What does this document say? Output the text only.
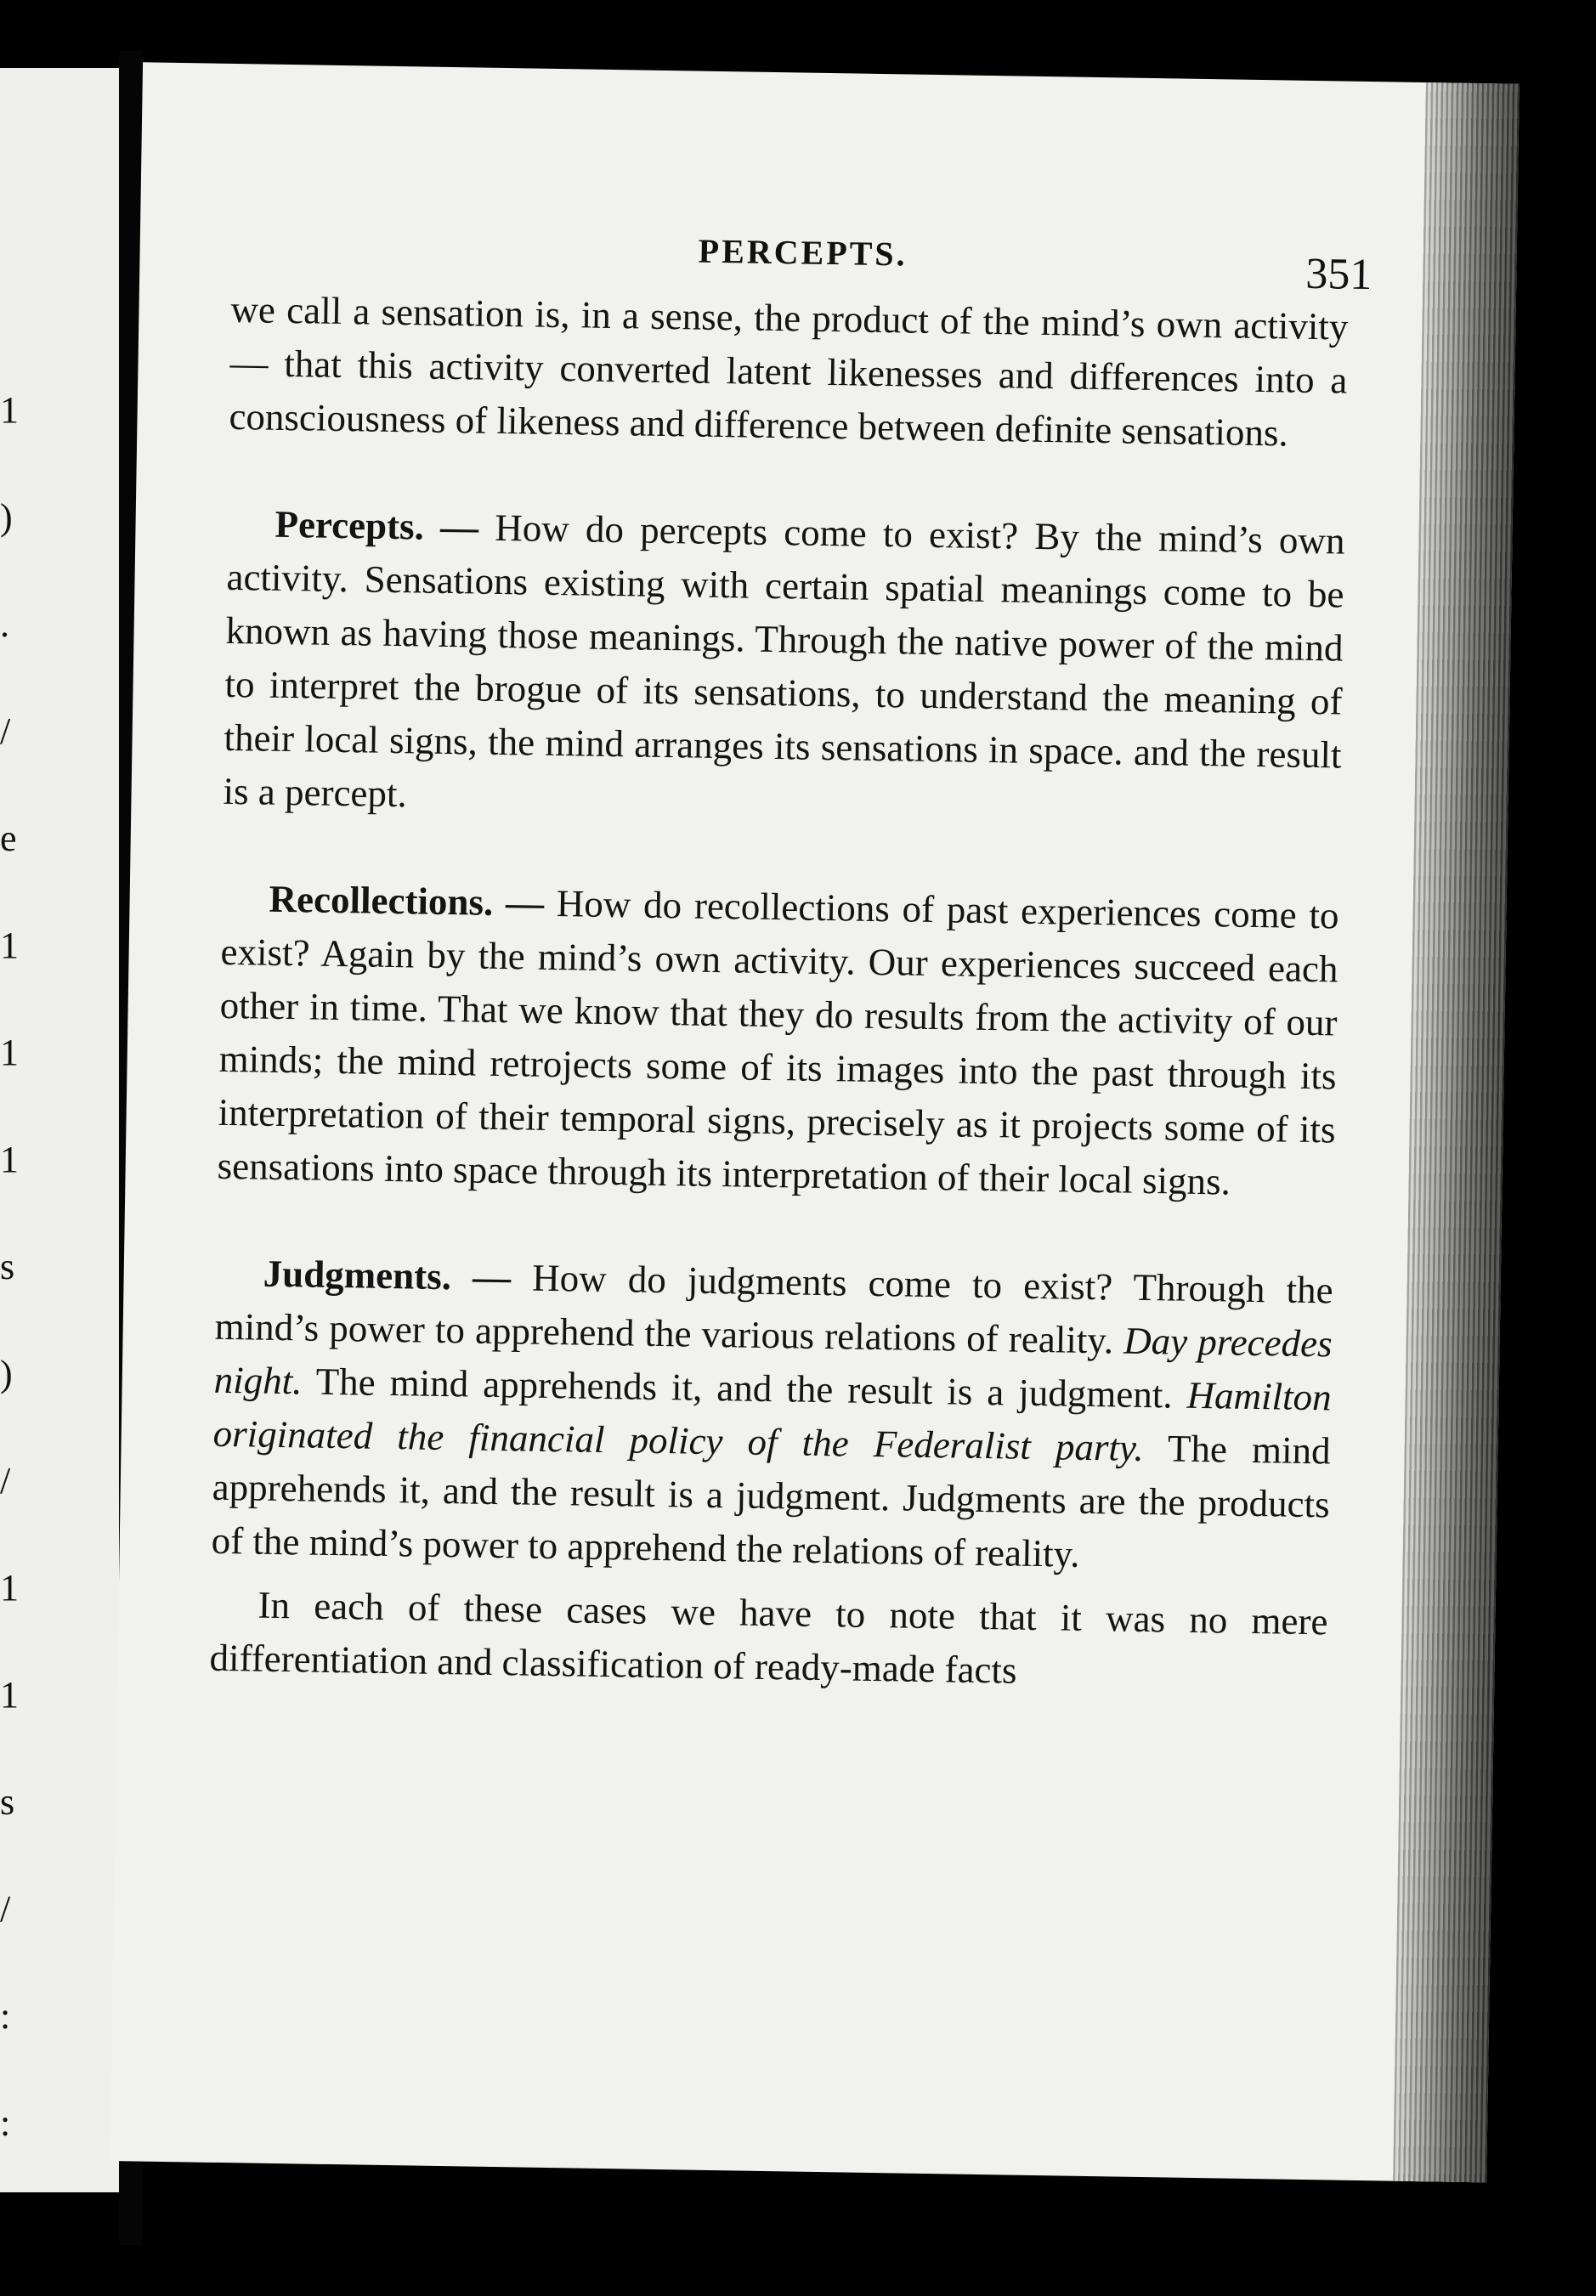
1
)
.
/
e
1
1
1
s
)
/
1
1
s
/
:
:
PERCEPTS.	351

we call a sensation is, in a sense, the product of the mind’s own activity — that this activity converted latent likenesses and differences into a consciousness of likeness and difference between definite sensations.

Percepts. — How do percepts come to exist? By the mind’s own activity. Sensations existing with certain spatial meanings come to be known as having those meanings. Through the native power of the mind to interpret the brogue of its sensations, to understand the meaning of their local signs, the mind arranges its sensations in space. and the result is a percept.

Recollections. — How do recollections of past experiences come to exist? Again by the mind’s own activity. Our experiences succeed each other in time. That we know that they do results from the activity of our minds; the mind retrojects some of its images into the past through its interpretation of their temporal signs, precisely as it projects some of its sensations into space through its interpretation of their local signs.

Judgments. — How do judgments come to exist? Through the mind’s power to apprehend the various relations of reality. Day precedes night. The mind apprehends it, and the result is a judgment. Hamilton originated the financial policy of the Federalist party. The mind apprehends it, and the result is a judgment. Judgments are the products of the mind’s power to apprehend the relations of reality.

In each of these cases we have to note that it was no mere differentiation and classification of ready-made facts
